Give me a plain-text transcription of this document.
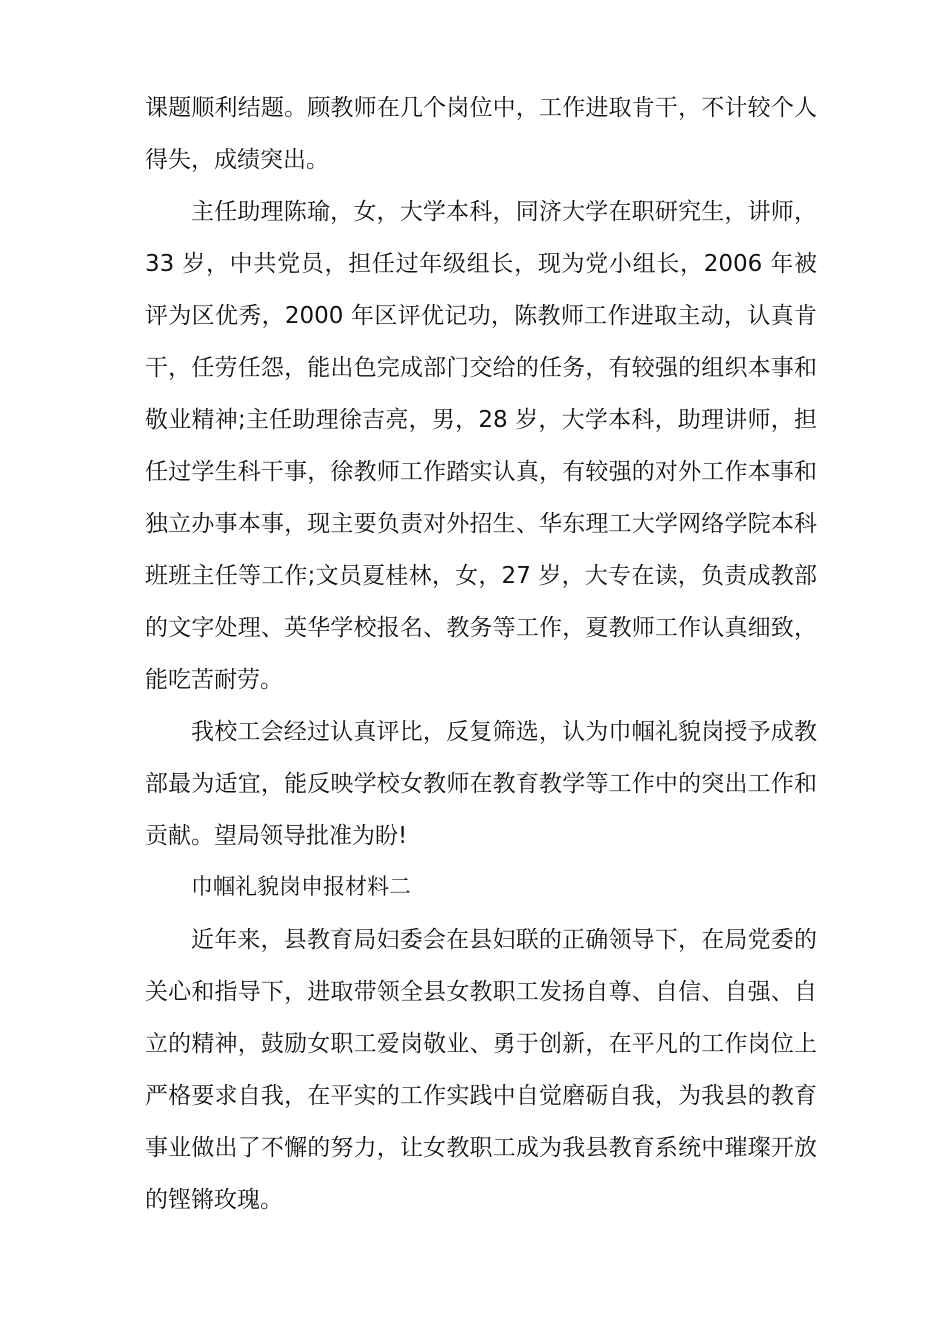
课题顺利结题。顾教师在几个岗位中，工作进取肯干，不计较个人得失，成绩突出。

主任助理陈瑜，女，大学本科，同济大学在职研究生，讲师，33 岁，中共党员，担任过年级组长，现为党小组长，2006 年被评为区优秀，2000 年区评优记功，陈教师工作进取主动，认真肯干，任劳任怨，能出色完成部门交给的任务，有较强的组织本事和敬业精神;主任助理徐吉亮，男，28 岁，大学本科，助理讲师，担任过学生科干事，徐教师工作踏实认真，有较强的对外工作本事和独立办事本事，现主要负责对外招生、华东理工大学网络学院本科班班主任等工作;文员夏桂林，女，27 岁，大专在读，负责成教部的文字处理、英华学校报名、教务等工作，夏教师工作认真细致，能吃苦耐劳。

我校工会经过认真评比，反复筛选，认为巾帼礼貌岗授予成教部最为适宜，能反映学校女教师在教育教学等工作中的突出工作和贡献。望局领导批准为盼!

巾帼礼貌岗申报材料二

近年来，县教育局妇委会在县妇联的正确领导下，在局党委的关心和指导下，进取带领全县女教职工发扬自尊、自信、自强、自立的精神，鼓励女职工爱岗敬业、勇于创新，在平凡的工作岗位上严格要求自我，在平实的工作实践中自觉磨砺自我，为我县的教育事业做出了不懈的努力，让女教职工成为我县教育系统中璀璨开放的铿锵玫瑰。
